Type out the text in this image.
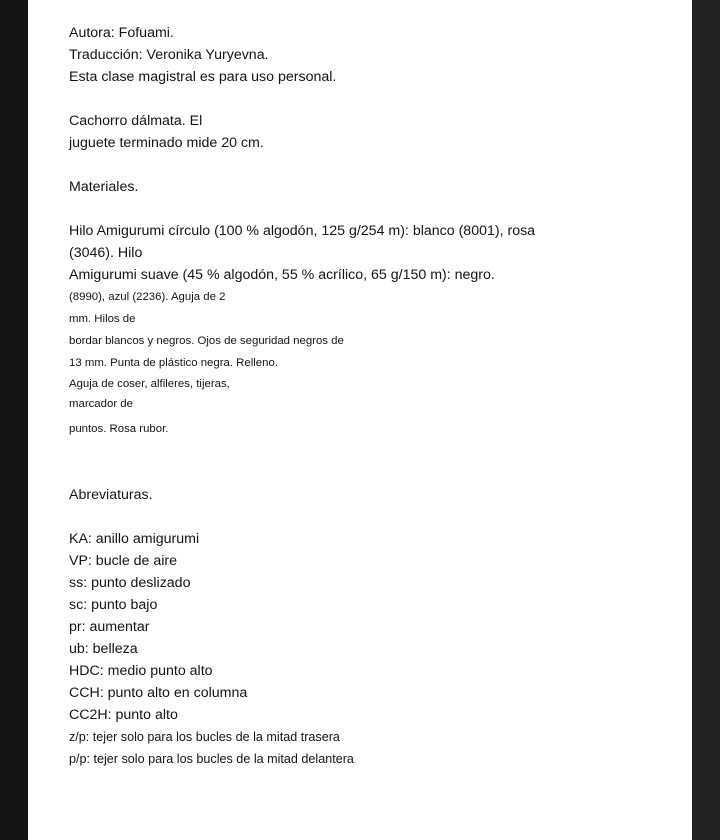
Autora: Fofuami.
Traducción: Veronika Yuryevna.
Esta clase magistral es para uso personal.
Cachorro dálmata. El
juguete terminado mide 20 cm.
Materiales.
Hilo Amigurumi círculo (100 % algodón, 125 g/254 m): blanco (8001), rosa
(3046). Hilo
Amigurumi suave (45 % algodón, 55 % acrílico, 65 g/150 m): negro.
(8990), azul (2236). Aguja de 2
mm. Hilos de
bordar blancos y negros. Ojos de seguridad negros de
13 mm. Punta de plástico negra. Relleno.
Aguja de coser, alfileres, tijeras,
marcador de
puntos. Rosa rubor.
Abreviaturas.
KA: anillo amigurumi
VP: bucle de aire
ss: punto deslizado
sc: punto bajo
pr: aumentar
ub: belleza
HDC: medio punto alto
CCH: punto alto en columna
CC2H: punto alto
z/p: tejer solo para los bucles de la mitad trasera
p/p: tejer solo para los bucles de la mitad delantera
